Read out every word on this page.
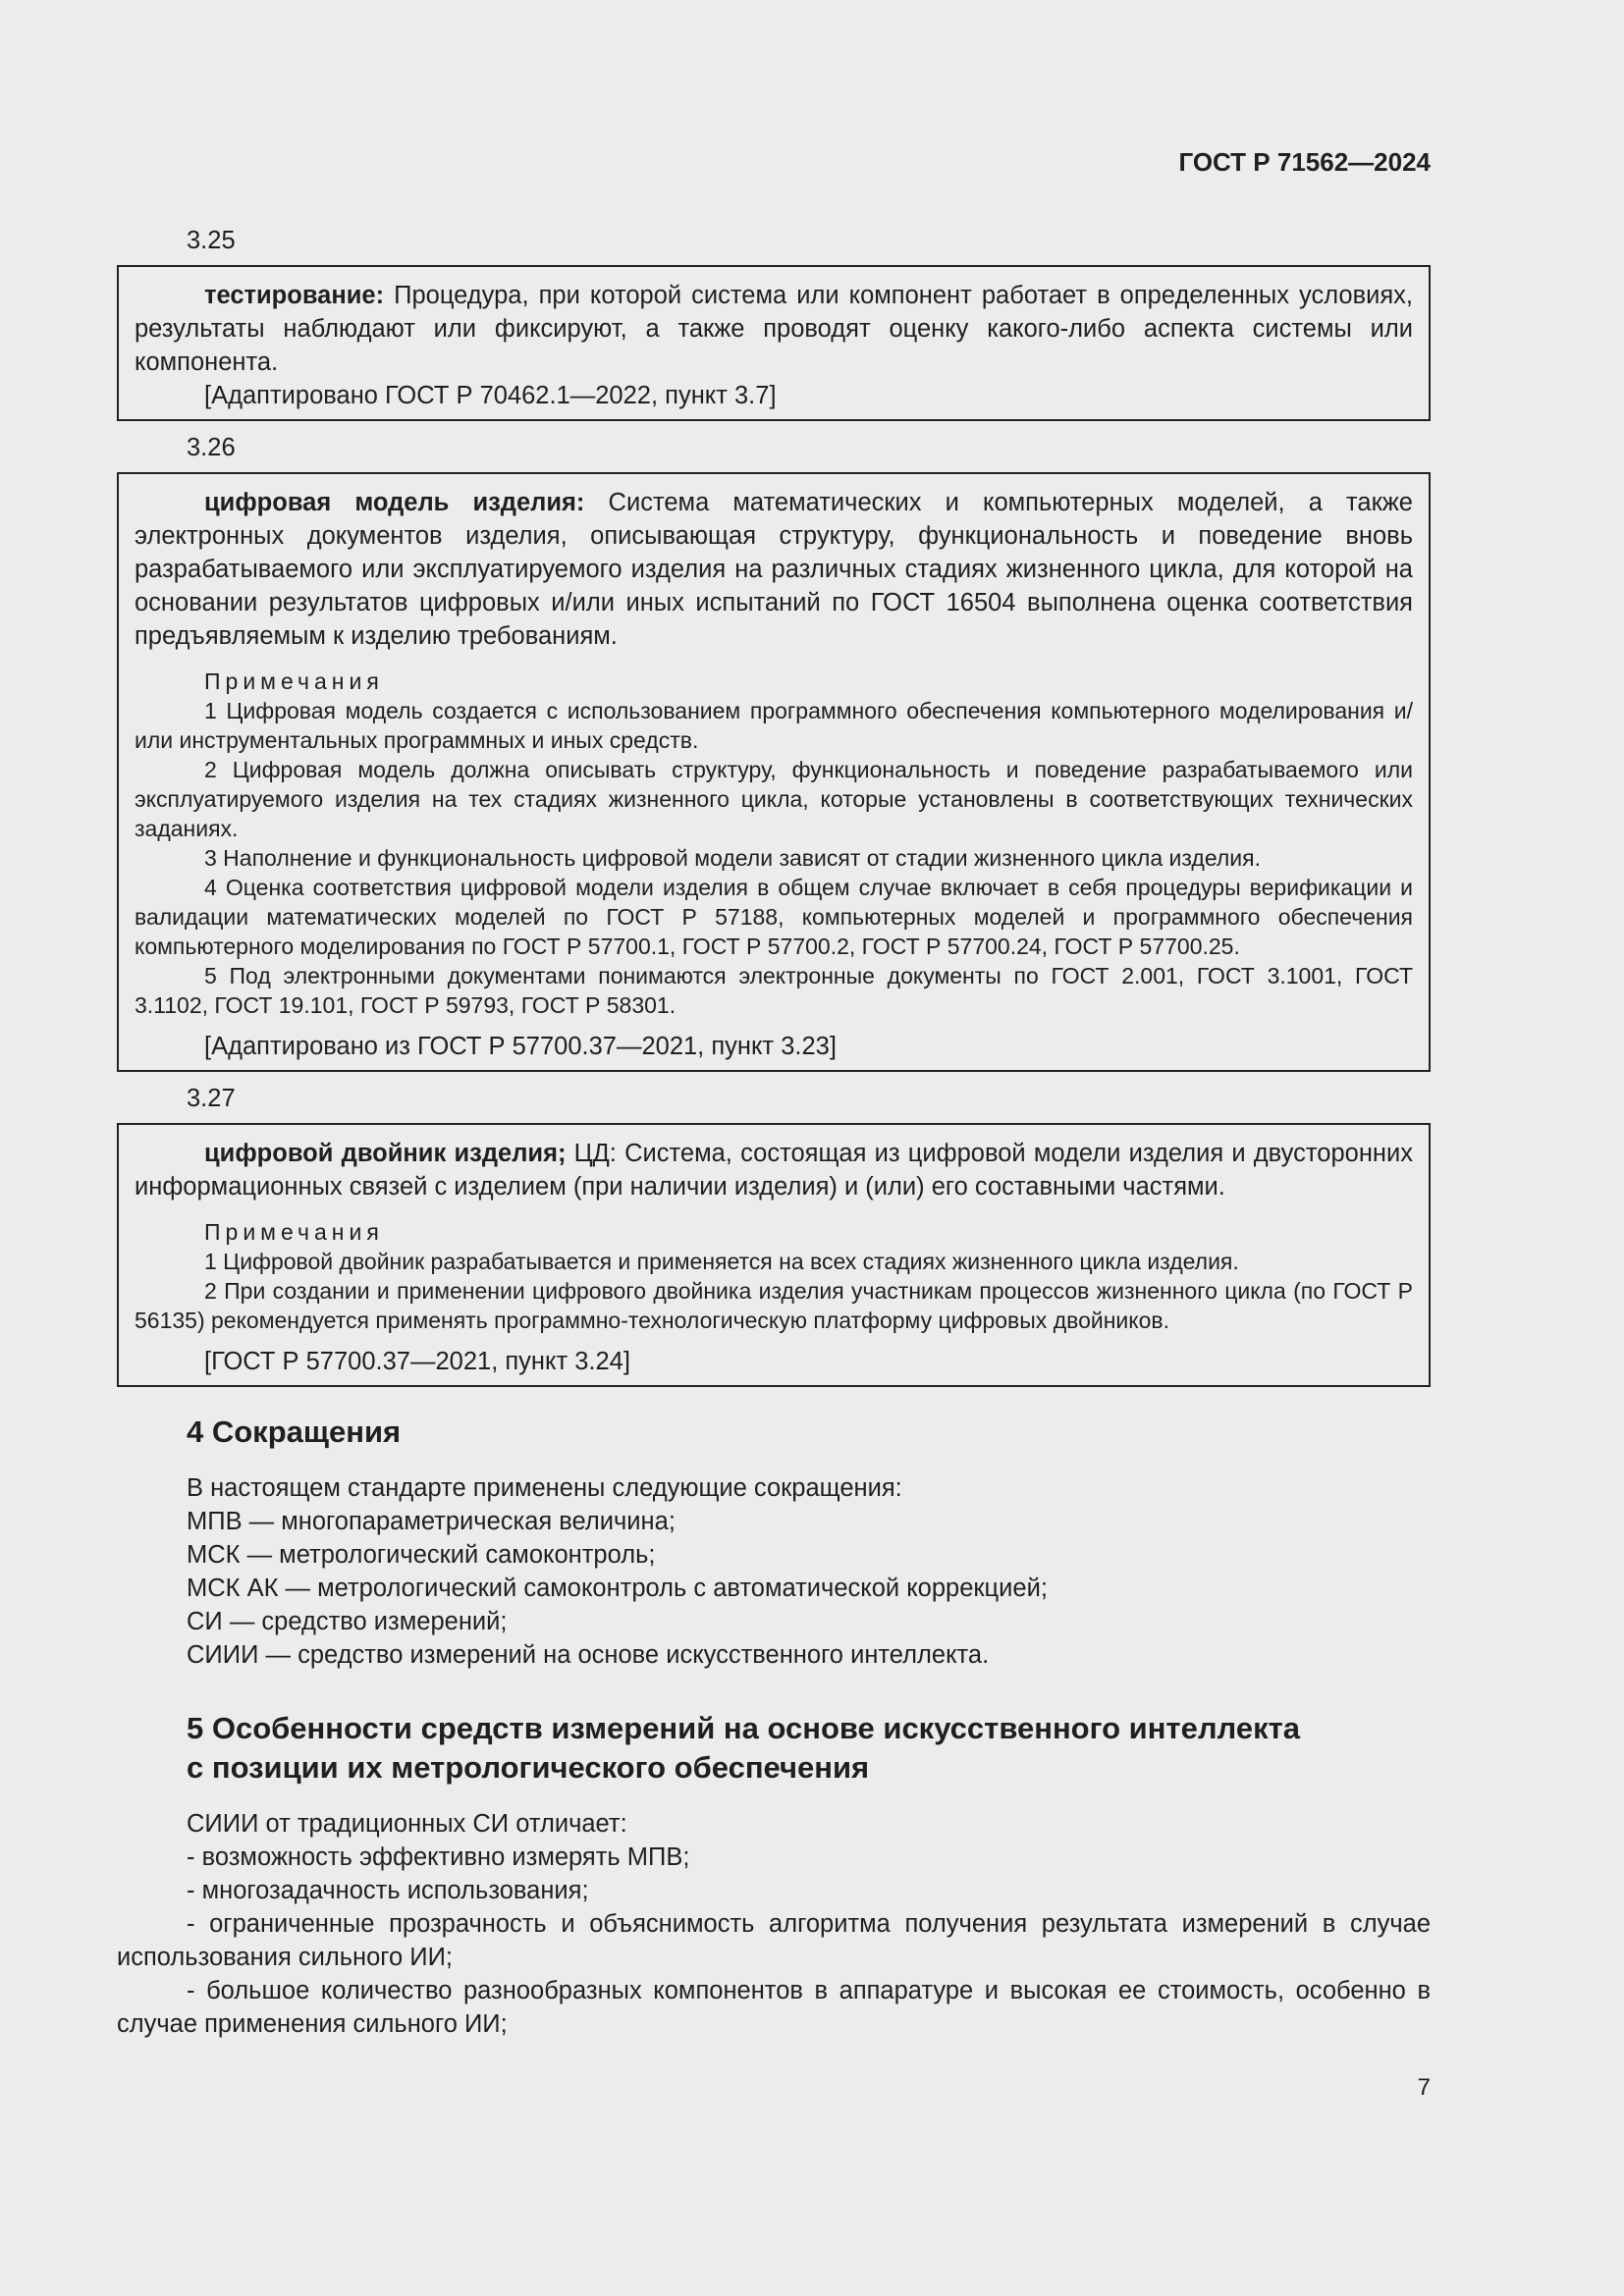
ГОСТ Р 71562—2024

3.25

тестирование: Процедура, при которой система или компонент работает в определенных условиях, результаты наблюдают или фиксируют, а также проводят оценку какого-либо аспекта системы или компонента.

[Адаптировано ГОСТ Р 70462.1—2022, пункт 3.7]

3.26

цифровая модель изделия: Система математических и компьютерных моделей, а также электронных документов изделия, описывающая структуру, функциональность и поведение вновь разрабатываемого или эксплуатируемого изделия на различных стадиях жизненного цикла, для которой на основании результатов цифровых и/или иных испытаний по ГОСТ 16504 выполнена оценка соответствия предъявляемым к изделию требованиям.

Примечания

1 Цифровая модель создается с использованием программного обеспечения компьютерного моделирования и/или инструментальных программных и иных средств.

2 Цифровая модель должна описывать структуру, функциональность и поведение разрабатываемого или эксплуатируемого изделия на тех стадиях жизненного цикла, которые установлены в соответствующих технических заданиях.

3 Наполнение и функциональность цифровой модели зависят от стадии жизненного цикла изделия.

4 Оценка соответствия цифровой модели изделия в общем случае включает в себя процедуры верификации и валидации математических моделей по ГОСТ Р 57188, компьютерных моделей и программного обеспечения компьютерного моделирования по ГОСТ Р 57700.1, ГОСТ Р 57700.2, ГОСТ Р 57700.24, ГОСТ Р 57700.25.

5 Под электронными документами понимаются электронные документы по ГОСТ 2.001, ГОСТ 3.1001, ГОСТ 3.1102, ГОСТ 19.101, ГОСТ Р 59793, ГОСТ Р 58301.

[Адаптировано из ГОСТ Р 57700.37—2021, пункт 3.23]

3.27

цифровой двойник изделия; ЦД: Система, состоящая из цифровой модели изделия и двусторонних информационных связей с изделием (при наличии изделия) и (или) его составными частями.

Примечания

1 Цифровой двойник разрабатывается и применяется на всех стадиях жизненного цикла изделия.

2 При создании и применении цифрового двойника изделия участникам процессов жизненного цикла (по ГОСТ Р 56135) рекомендуется применять программно-технологическую платформу цифровых двойников.

[ГОСТ Р 57700.37—2021, пункт 3.24]

4 Сокращения

В настоящем стандарте применены следующие сокращения:

МПВ — многопараметрическая величина;

МСК — метрологический самоконтроль;

МСК АК — метрологический самоконтроль с автоматической коррекцией;

СИ — средство измерений;

СИИИ — средство измерений на основе искусственного интеллекта.

5 Особенности средств измерений на основе искусственного интеллекта
с позиции их метрологического обеспечения

СИИИ от традиционных СИ отличает:

- возможность эффективно измерять МПВ;

- многозадачность использования;

- ограниченные прозрачность и объяснимость алгоритма получения результата измерений в случае использования сильного ИИ;

- большое количество разнообразных компонентов в аппаратуре и высокая ее стоимость, особенно в случае применения сильного ИИ;

7
